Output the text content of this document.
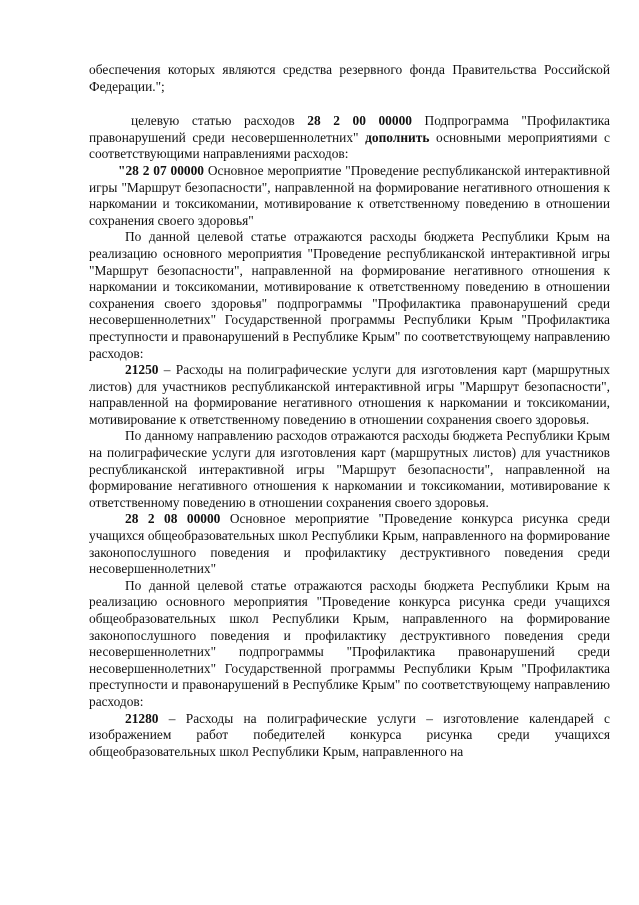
обеспечения которых являются средства резервного фонда Правительства Российской Федерации.";

целевую статью расходов 28 2 00 00000 Подпрограмма "Профилактика правонарушений среди несовершеннолетних" дополнить основными мероприятиями с соответствующими направлениями расходов:

"28 2 07 00000 Основное мероприятие "Проведение республиканской интерактивной игры "Маршрут безопасности", направленной на формирование негативного отношения к наркомании и токсикомании, мотивирование к ответственному поведению в отношении сохранения своего здоровья"

По данной целевой статье отражаются расходы бюджета Республики Крым на реализацию основного мероприятия "Проведение республиканской интерактивной игры "Маршрут безопасности", направленной на формирование негативного отношения к наркомании и токсикомании, мотивирование к ответственному поведению в отношении сохранения своего здоровья" подпрограммы "Профилактика правонарушений среди несовершеннолетних" Государственной программы Республики Крым "Профилактика преступности и правонарушений в Республике Крым" по соответствующему направлению расходов:

21250 – Расходы на полиграфические услуги для изготовления карт (маршрутных листов) для участников республиканской интерактивной игры "Маршрут безопасности", направленной на формирование негативного отношения к наркомании и токсикомании, мотивирование к ответственному поведению в отношении сохранения своего здоровья.

По данному направлению расходов отражаются расходы бюджета Республики Крым на полиграфические услуги для изготовления карт (маршрутных листов) для участников республиканской интерактивной игры "Маршрут безопасности", направленной на формирование негативного отношения к наркомании и токсикомании, мотивирование к ответственному поведению в отношении сохранения своего здоровья.

28 2 08 00000 Основное мероприятие "Проведение конкурса рисунка среди учащихся общеобразовательных школ Республики Крым, направленного на формирование законопослушного поведения и профилактику деструктивного поведения среди несовершеннолетних"

По данной целевой статье отражаются расходы бюджета Республики Крым на реализацию основного мероприятия "Проведение конкурса рисунка среди учащихся общеобразовательных школ Республики Крым, направленного на формирование законопослушного поведения и профилактику деструктивного поведения среди несовершеннолетних" подпрограммы "Профилактика правонарушений среди несовершеннолетних" Государственной программы Республики Крым "Профилактика преступности и правонарушений в Республике Крым" по соответствующему направлению расходов:

21280 – Расходы на полиграфические услуги – изготовление календарей с изображением работ победителей конкурса рисунка среди учащихся общеобразовательных школ Республики Крым, направленного на
